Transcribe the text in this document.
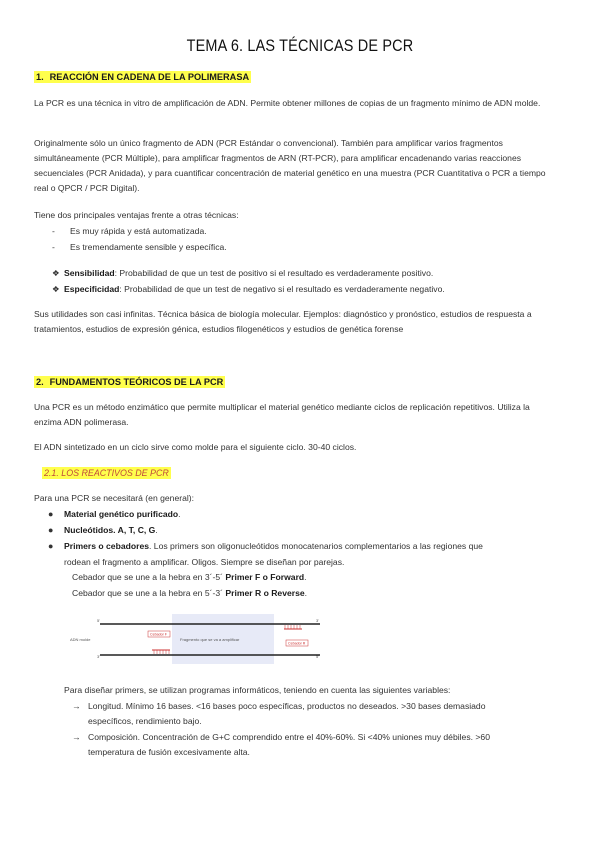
TEMA 6. LAS TÉCNICAS DE PCR
1. REACCIÓN EN CADENA DE LA POLIMERASA
La PCR es una técnica in vitro de amplificación de ADN. Permite obtener millones de copias de un fragmento mínimo de ADN molde.
Originalmente sólo un único fragmento de ADN (PCR Estándar o convencional). También para amplificar varios fragmentos simultáneamente (PCR Múltiple), para amplificar fragmentos de ARN (RT-PCR), para amplificar encadenando varias reacciones secuenciales (PCR Anidada), y para cuantificar concentración de material genético en una muestra (PCR Cuantitativa o PCR a tiempo real o QPCR / PCR Digital).
Tiene dos principales ventajas frente a otras técnicas:
- Es muy rápida y está automatizada.
- Es tremendamente sensible y específica.
❖ Sensibilidad: Probabilidad de que un test de positivo si el resultado es verdaderamente positivo.
❖ Especificidad: Probabilidad de que un test de negativo si el resultado es verdaderamente negativo.
Sus utilidades son casi infinitas. Técnica básica de biología molecular. Ejemplos: diagnóstico y pronóstico, estudios de respuesta a tratamientos, estudios de expresión génica, estudios filogenéticos y estudios de genética forense
2. FUNDAMENTOS TEÓRICOS DE LA PCR
Una PCR es un método enzimático que permite multiplicar el material genético mediante ciclos de replicación repetitivos. Utiliza la enzima ADN polimerasa.
El ADN sintetizado en un ciclo sirve como molde para el siguiente ciclo. 30-40 ciclos.
2.1. LOS REACTIVOS DE PCR
Para una PCR se necesitará (en general):
● Material genético purificado.
● Nucleótidos. A, T, C, G.
● Primers o cebadores. Los primers son oligonucleótidos monocatenarios complementarios a las regiones que
rodean el fragmento a amplificar. Oligos. Siempre se diseñan por parejas.
Cebador que se une a la hebra en 3´-5´ Primer F o Forward.
Cebador que se une a la hebra en 5´-3´ Primer R o Reverse.
ADN molde
5'	3'
3'	5'
Fragmento que se va a amplificar
Cebador F
Cebador R
Para diseñar primers, se utilizan programas informáticos, teniendo en cuenta las siguientes variables:
→ Longitud. Mínimo 16 bases. <16 bases poco específicas, productos no deseados. >30 bases demasiado
específicos, rendimiento bajo.
→ Composición. Concentración de G+C comprendido entre el 40%-60%. Si <40% uniones muy débiles. >60
temperatura de fusión excesivamente alta.
